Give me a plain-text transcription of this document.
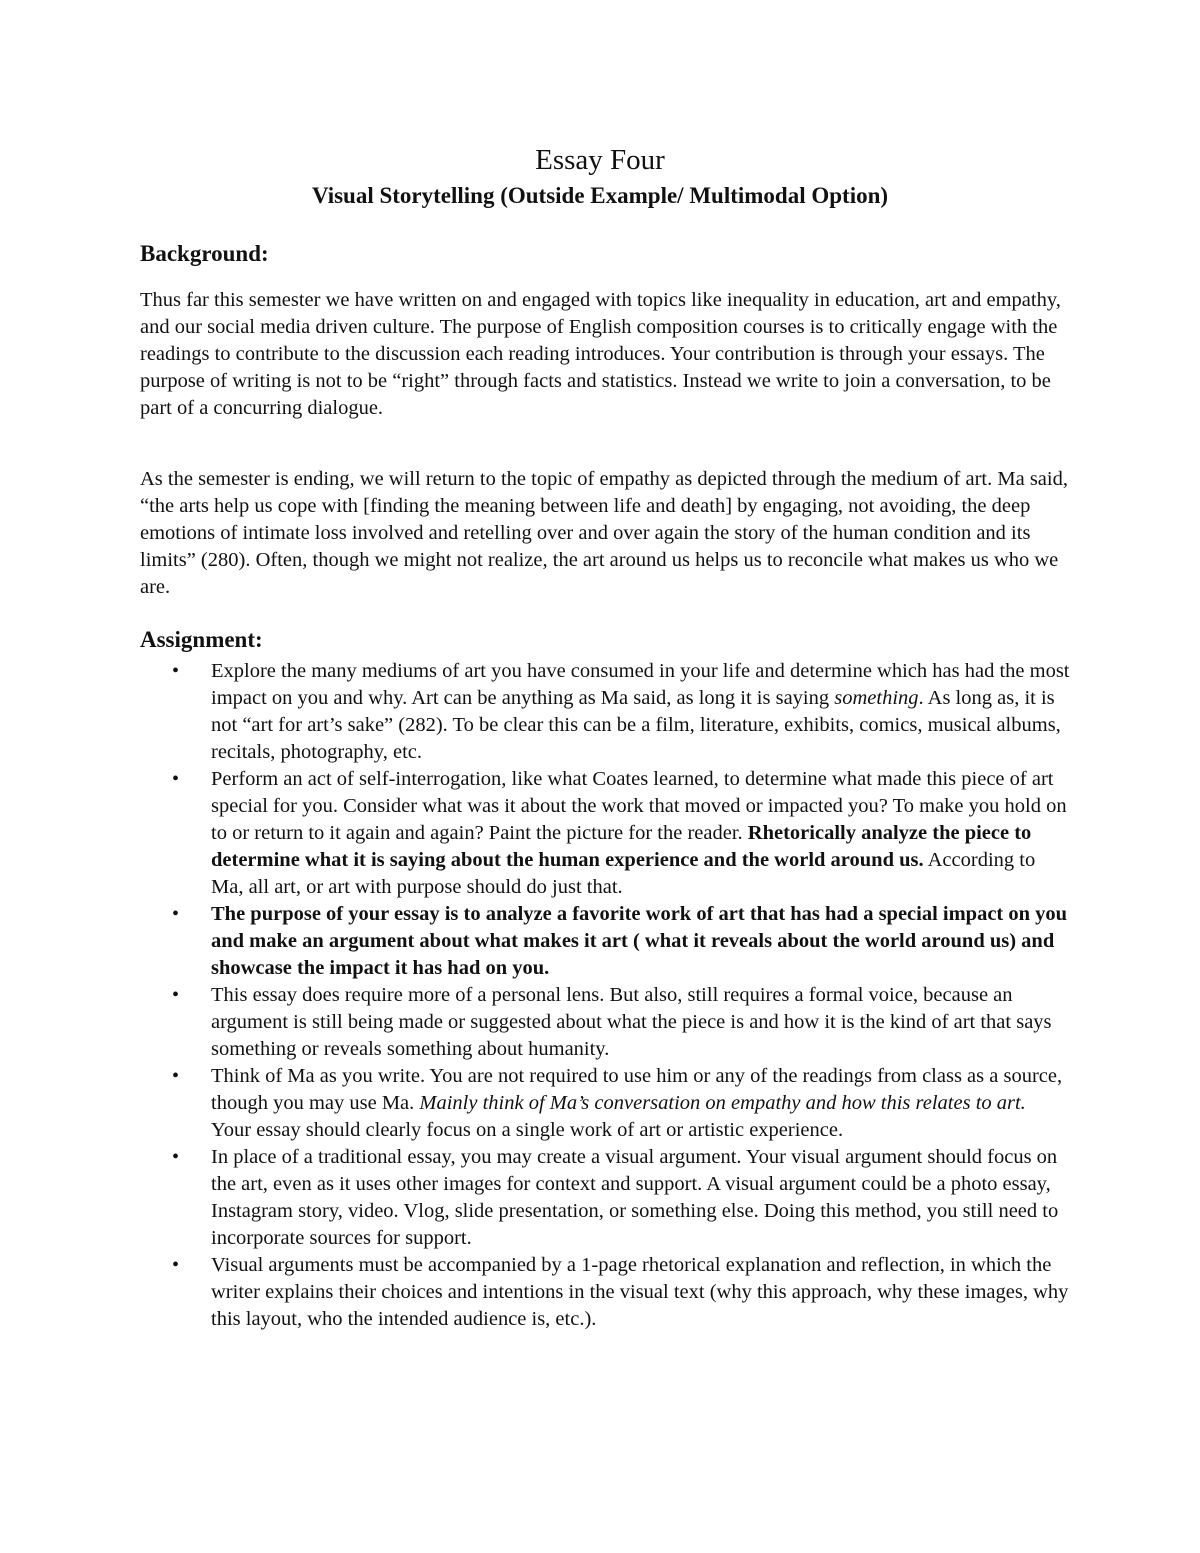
Essay Four
Visual Storytelling (Outside Example/ Multimodal Option)
Background:

Thus far this semester we have written on and engaged with topics like inequality in education, art and empathy, and our social media driven culture. The purpose of English composition courses is to critically engage with the readings to contribute to the discussion each reading introduces. Your contribution is through your essays. The purpose of writing is not to be “right” through facts and statistics. Instead we write to join a conversation, to be part of a concurring dialogue.

As the semester is ending, we will return to the topic of empathy as depicted through the medium of art. Ma said, “the arts help us cope with [finding the meaning between life and death] by engaging, not avoiding, the deep emotions of intimate loss involved and retelling over and over again the story of the human condition and its limits” (280). Often, though we might not realize, the art around us helps us to reconcile what makes us who we are.

Assignment:
• Explore the many mediums of art you have consumed in your life and determine which has had the most impact on you and why. Art can be anything as Ma said, as long it is saying something. As long as, it is not “art for art’s sake” (282). To be clear this can be a film, literature, exhibits, comics, musical albums, recitals, photography, etc.
• Perform an act of self-interrogation, like what Coates learned, to determine what made this piece of art special for you. Consider what was it about the work that moved or impacted you? To make you hold on to or return to it again and again? Paint the picture for the reader. Rhetorically analyze the piece to determine what it is saying about the human experience and the world around us. According to Ma, all art, or art with purpose should do just that.
• The purpose of your essay is to analyze a favorite work of art that has had a special impact on you and make an argument about what makes it art ( what it reveals about the world around us) and showcase the impact it has had on you.
• This essay does require more of a personal lens. But also, still requires a formal voice, because an argument is still being made or suggested about what the piece is and how it is the kind of art that says something or reveals something about humanity.
• Think of Ma as you write. You are not required to use him or any of the readings from class as a source, though you may use Ma. Mainly think of Ma’s conversation on empathy and how this relates to art. Your essay should clearly focus on a single work of art or artistic experience.
• In place of a traditional essay, you may create a visual argument. Your visual argument should focus on the art, even as it uses other images for context and support. A visual argument could be a photo essay, Instagram story, video. Vlog, slide presentation, or something else. Doing this method, you still need to incorporate sources for support.
• Visual arguments must be accompanied by a 1-page rhetorical explanation and reflection, in which the writer explains their choices and intentions in the visual text (why this approach, why these images, why this layout, who the intended audience is, etc.).
